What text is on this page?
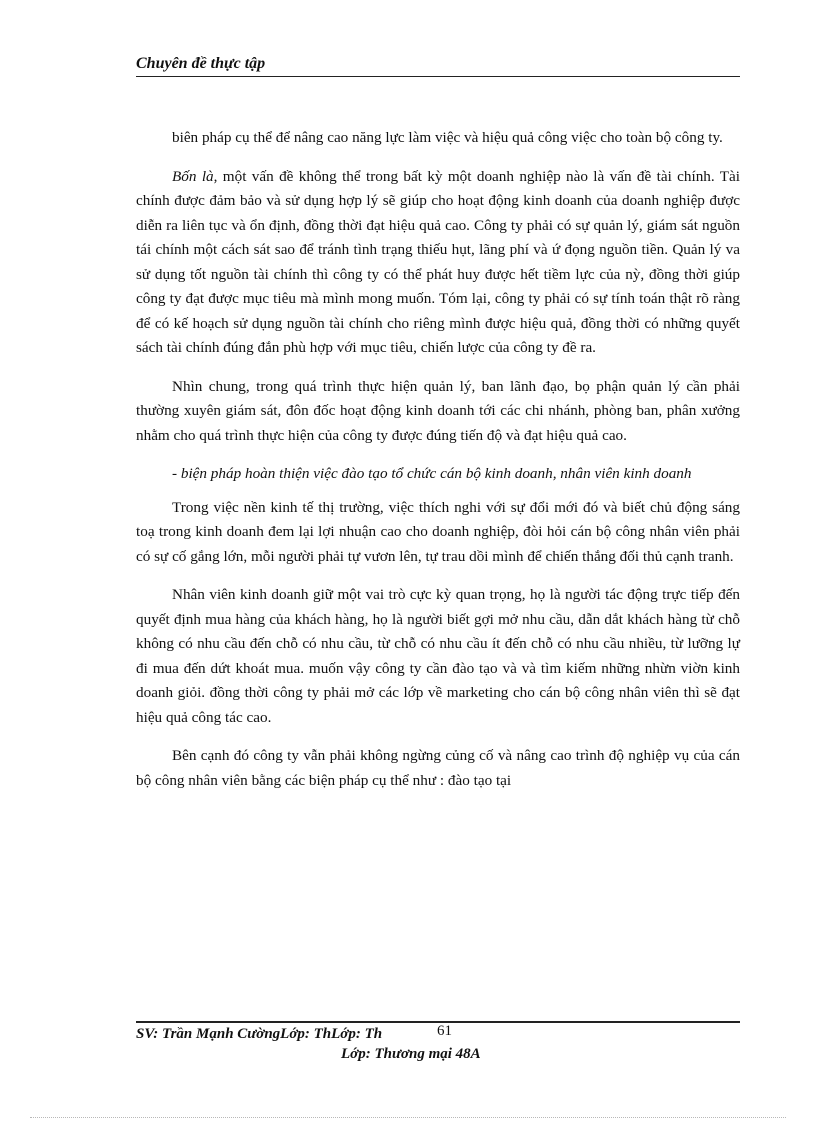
Chuyên đề thực tập

biên pháp cụ thể để nâng cao năng lực làm việc và hiệu quả công việc cho toàn bộ công ty.

Bốn là, một vấn đề không thể trong bất kỳ một doanh nghiệp nào là vấn đề tài chính. Tài chính được đảm bảo và sử dụng hợp lý sẽ giúp cho hoạt động kinh doanh của doanh nghiệp được diễn ra liên tục và ổn định, đồng thời đạt hiệu quả cao. Công ty phải có sự quản lý, giám sát nguồn tái chính một cách sát sao để tránh tình trạng thiếu hụt, lãng phí và ứ đọng nguồn tiền. Quản lý va sử dụng tốt nguồn tài chính thì công ty có thể phát huy được hết tiềm lực của nỳ, đồng thời giúp công ty đạt được mục tiêu mà mình mong muốn. Tóm lại, công ty phải có sự tính toán thật rõ ràng để có kế hoạch sử dụng nguồn tài chính cho riêng mình được hiệu quả, đồng thời có những quyết sách tài chính đúng đắn phù hợp với mục tiêu, chiến lược của công ty đề ra.

Nhìn chung, trong quá trình thực hiện quản lý, ban lãnh đạo, bọ phận quản lý cần phải thường xuyên giám sát, đôn đốc hoạt động kinh doanh tới các chi nhánh, phòng ban, phân xưởng nhằm cho quá trình thực hiện của công ty được đúng tiến độ và đạt hiệu quả cao.

- biện pháp hoàn thiện việc đào tạo tổ chức cán bộ kinh doanh, nhân viên kinh doanh

Trong việc nền kinh tế thị trường, việc thích nghi với sự đổi mới đó và biết chủ động sáng toạ trong kinh doanh đem lại lợi nhuận cao cho doanh nghiệp, đòi hỏi cán bộ công nhân viên phải có sự cố gắng lớn, mỗi người phải tự vươn lên, tự trau dồi mình để chiến thắng đối thủ cạnh tranh.

Nhân viên kinh doanh giữ một vai trò cực kỳ quan trọng, họ là người tác động trực tiếp đến quyết định mua hàng của khách hàng, họ là người biết gợi mở nhu cầu, dẫn dắt khách hàng từ chỗ không có nhu cầu đến chỗ có nhu cầu, từ chỗ có nhu cầu ít đến chỗ có nhu cầu nhiều, từ lưỡng lự đi mua đến dứt khoát mua. muốn vậy công ty cần đào tạo và và tìm kiếm những nhừn viờn kinh doanh giỏi. đồng thời công ty phải mở các lớp về marketing cho cán bộ công nhân viên thì sẽ đạt hiệu quả công tác cao.

Bên cạnh đó công ty vẫn phải không ngừng củng cố và nâng cao trình độ nghiệp vụ của cán bộ công nhân viên bằng các biện pháp cụ thể như : đào tạo tại

SV: Trần Mạnh CườngLớp: ThLớp: Th	61
Lớp: Thương mại 48A
